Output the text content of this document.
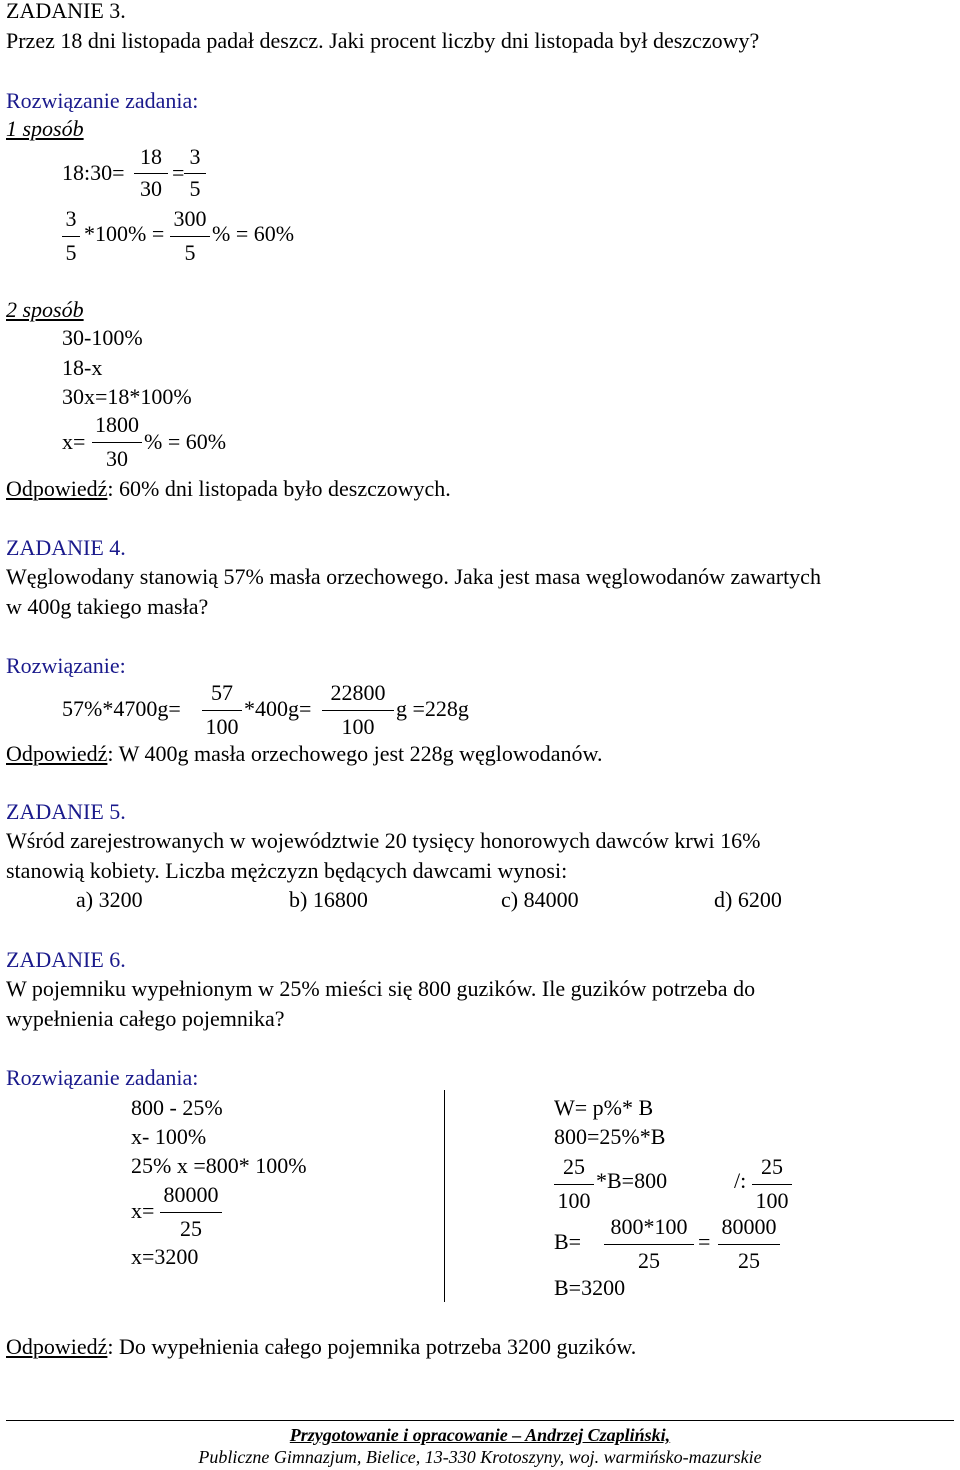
ZADANIE 3.
Przez 18 dni listopada padał deszcz. Jaki procent liczby dni listopada był deszczowy?
Rozwiązanie zadania:
1 sposób
18:30=
18
30
=
3
5
3
5
*100% =
300
5
% = 60%
2 sposób
30-100%
18-x
30x=18*100%
x=
1800
30
% = 60%
Odpowiedź: 60% dni listopada było deszczowych.
ZADANIE 4.
Węglowodany stanowią 57% masła orzechowego. Jaka jest masa węglowodanów zawartych
w 400g takiego masła?
Rozwiązanie:
57%*4700g=
57
100
*400g=
22800
100
g =228g
Odpowiedź: W 400g masła orzechowego jest 228g węglowodanów.
ZADANIE 5.
Wśród zarejestrowanych w województwie 20 tysięcy honorowych dawców krwi 16%
stanowią kobiety. Liczba mężczyzn będących dawcami wynosi:
a) 3200	b) 16800	c) 84000	d) 6200
ZADANIE 6.
W pojemniku wypełnionym w 25% mieści się 800 guzików. Ile guzików potrzeba do
wypełnienia całego pojemnika?
Rozwiązanie zadania:
800 - 25%
x- 100%
25% x =800* 100%
x=
80000
25
x=3200
W= p%* B
800=25%*B
25
100
*B=800	/:
25
100
B=
800*100
25
=
80000
25
B=3200
Odpowiedź: Do wypełnienia całego pojemnika potrzeba 3200 guzików.
Przygotowanie i opracowanie – Andrzej Czapliński,
Publiczne Gimnazjum, Bielice, 13-330 Krotoszyny, woj. warmińsko-mazurskie
